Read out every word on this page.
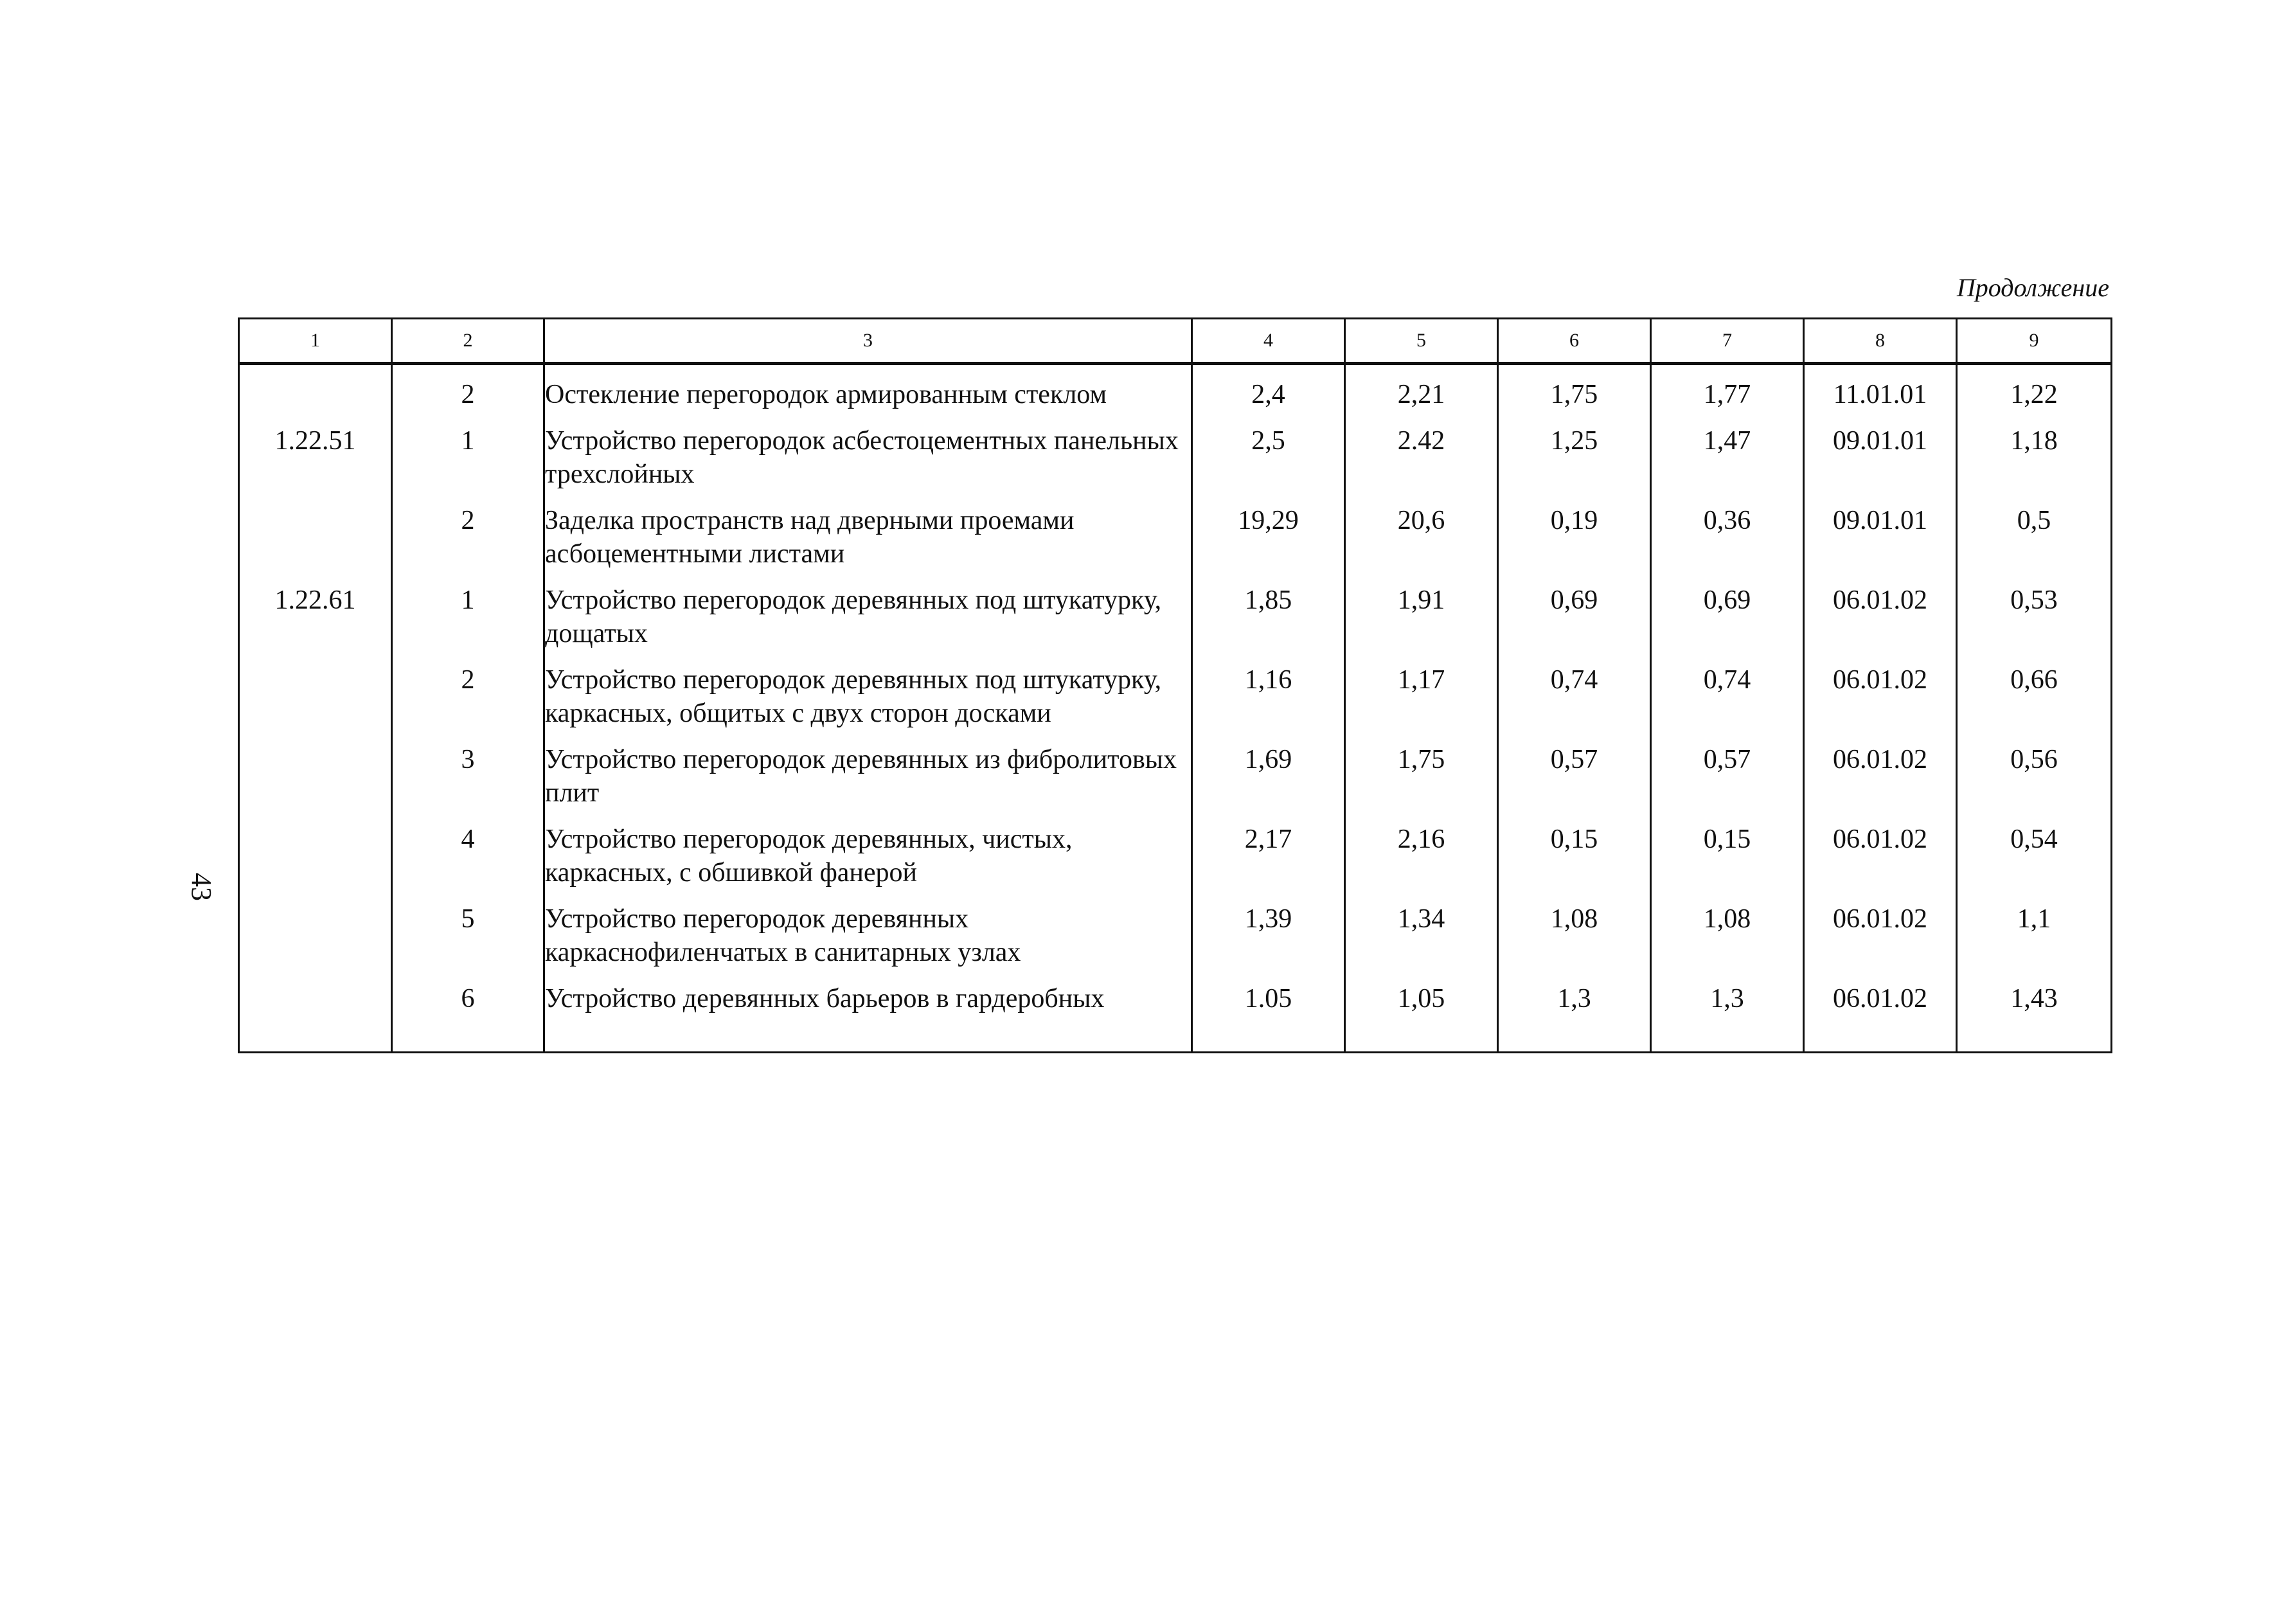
Продолжение
43
1	2	3	4	5	6	7	8	9
	2	Остекление перегородок армированным стеклом	2,4	2,21	1,75	1,77	11.01.01	1,22
1.22.51	1	Устройство перегородок асбестоцементных панельных трехслойных	2,5	2.42	1,25	1,47	09.01.01	1,18
	2	Заделка пространств над дверными проемами асбоцементными листами	19,29	20,6	0,19	0,36	09.01.01	0,5
1.22.61	1	Устройство перегородок деревянных под штукатурку, дощатых	1,85	1,91	0,69	0,69	06.01.02	0,53
	2	Устройство перегородок деревянных под штукатурку, каркасных, общитых с двух сторон досками	1,16	1,17	0,74	0,74	06.01.02	0,66
	3	Устройство перегородок деревянных из фибролитовых плит	1,69	1,75	0,57	0,57	06.01.02	0,56
	4	Устройство перегородок деревянных, чистых, каркасных, с обшивкой фанерой	2,17	2,16	0,15	0,15	06.01.02	0,54
	5	Устройство перегородок деревянных каркаснофиленчатых в санитарных узлах	1,39	1,34	1,08	1,08	06.01.02	1,1
	6	Устройство деревянных барьеров в гардеробных	1.05	1,05	1,3	1,3	06.01.02	1,43
